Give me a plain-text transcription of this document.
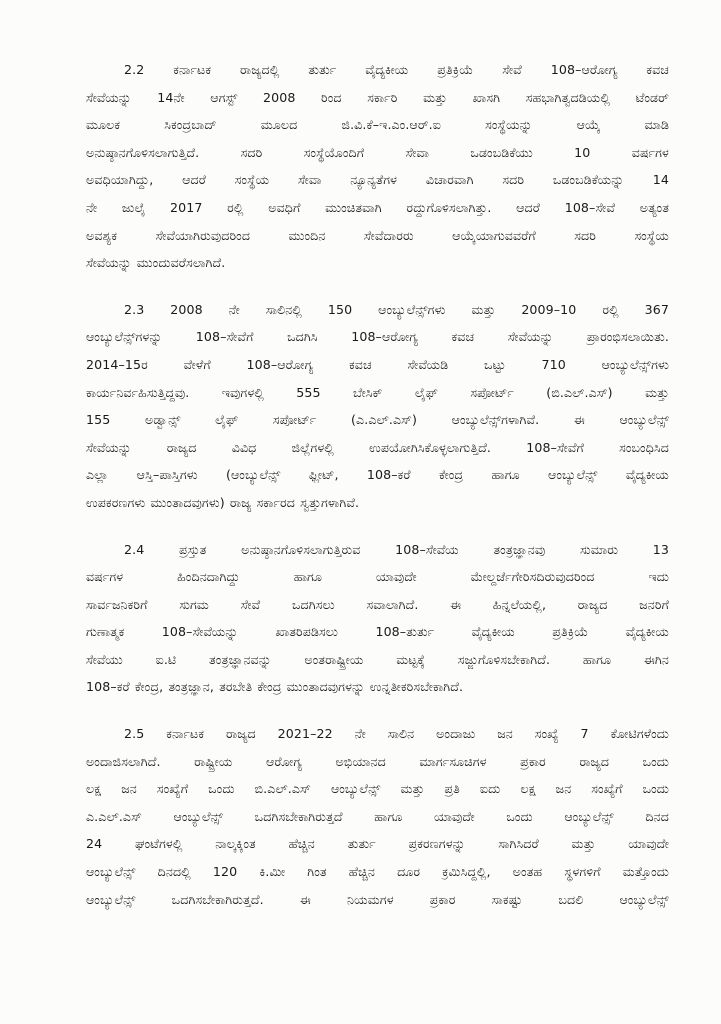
2.2 ಕರ್ನಾಟಕ ರಾಜ್ಯದಲ್ಲಿ ತುರ್ತು ವೈದ್ಯಕೀಯ ಪ್ರತಿಕ್ರಿಯೆ ಸೇವೆ 108–ಆರೋಗ್ಯ ಕವಚ
ಸೇವೆಯನ್ನು 14ನೇ ಆಗಸ್ಟ್ 2008 ರಿಂದ ಸರ್ಕಾರಿ ಮತ್ತು ಖಾಸಗಿ ಸಹಭಾಗಿತ್ವದಡಿಯಲ್ಲಿ ಟೆಂಡರ್
ಮೂಲಕ ಸಿಕಂದ್ರಬಾದ್ ಮೂಲದ ಜಿ.ವಿ.ಕೆ–ಇ.ಎಂ.ಆರ್.ಐ ಸಂಸ್ಥೆಯನ್ನು ಆಯ್ಕೆ ಮಾಡಿ
ಅನುಷ್ಠಾನಗೊಳಿಸಲಾಗುತ್ತಿದೆ. ಸದರಿ ಸಂಸ್ಥೆಯೊಂದಿಗೆ ಸೇವಾ ಒಡಂಬಡಿಕೆಯು 10 ವರ್ಷಗಳ
ಅವಧಿಯಾಗಿದ್ದು, ಆದರೆ ಸಂಸ್ಥೆಯ ಸೇವಾ ನ್ಯೂನ್ಯತೆಗಳ ವಿಚಾರವಾಗಿ ಸದರಿ ಒಡಂಬಡಿಕೆಯನ್ನು 14
ನೇ ಜುಲೈ 2017 ರಲ್ಲಿ ಅವಧಿಗೆ ಮುಂಚಿತವಾಗಿ ರದ್ದುಗೊಳಿಸಲಾಗಿತ್ತು. ಆದರೆ 108–ಸೇವೆ ಅತ್ಯಂತ
ಅವಶ್ಯಕ ಸೇವೆಯಾಗಿರುವುದರಿಂದ ಮುಂದಿನ ಸೇವೆದಾರರು ಆಯ್ಕೆಯಾಗುವವರೆಗೆ ಸದರಿ ಸಂಸ್ಥೆಯ
ಸೇವೆಯನ್ನು ಮುಂದುವರೆಸಲಾಗಿದೆ.
2.3 2008 ನೇ ಸಾಲಿನಲ್ಲಿ 150 ಆಂಬ್ಯುಲೆನ್ಸ್‌ಗಳು ಮತ್ತು 2009–10 ರಲ್ಲಿ 367
ಆಂಬ್ಯುಲೆನ್ಸ್‌ಗಳನ್ನು 108–ಸೇವೆಗೆ ಒದಗಿಸಿ 108–ಆರೋಗ್ಯ ಕವಚ ಸೇವೆಯನ್ನು ಪ್ರಾರಂಭಿಸಲಾಯಿತು.
2014–15ರ ವೇಳೆಗೆ 108–ಆರೋಗ್ಯ ಕವಚ ಸೇವೆಯಡಿ ಒಟ್ಟು 710 ಆಂಬ್ಯುಲೆನ್ಸ್‌ಗಳು
ಕಾರ್ಯನಿರ್ವಹಿಸುತ್ತಿದ್ದವು. ಇವುಗಳಲ್ಲಿ 555 ಬೇಸಿಕ್ ಲೈಫ್ ಸಪೋರ್ಟ್ (ಬಿ.ಎಲ್.ಎಸ್) ಮತ್ತು
155 ಅಡ್ವಾನ್ಸ್ ಲೈಫ್ ಸಪೋರ್ಟ್ (ಎ.ಎಲ್.ಎಸ್) ಆಂಬ್ಯುಲೆನ್ಸ್‌ಗಳಾಗಿವೆ. ಈ ಆಂಬ್ಯುಲೆನ್ಸ್
ಸೇವೆಯನ್ನು ರಾಜ್ಯದ ವಿವಿಧ ಜಿಲ್ಲೆಗಳಲ್ಲಿ ಉಪಯೋಗಿಸಿಕೊಳ್ಳಲಾಗುತ್ತಿದೆ. 108–ಸೇವೆಗೆ ಸಂಬಂಧಿಸಿದ
ಎಲ್ಲಾ ಆಸ್ತಿ–ಪಾಸ್ತಿಗಳು (ಆಂಬ್ಯುಲೆನ್ಸ್ ಫ್ಲೀಟ್, 108–ಕರೆ ಕೇಂದ್ರ ಹಾಗೂ ಆಂಬ್ಯುಲೆನ್ಸ್ ವೈದ್ಯಕೀಯ
ಉಪಕರಣಗಳು ಮುಂತಾದವುಗಳು) ರಾಜ್ಯ ಸರ್ಕಾರದ ಸ್ವತ್ತುಗಳಾಗಿವೆ.
2.4 ಪ್ರಸ್ತುತ ಅನುಷ್ಠಾನಗೊಳಿಸಲಾಗುತ್ತಿರುವ 108–ಸೇವೆಯ ತಂತ್ರಜ್ಞಾನವು ಸುಮಾರು 13
ವರ್ಷಗಳ ಹಿಂದಿನದಾಗಿದ್ದು ಹಾಗೂ ಯಾವುದೇ ಮೇಲ್ದರ್ಜೆಗೇರಿಸದಿರುವುದರಿಂದ ಇದು
ಸಾರ್ವಜನಿಕರಿಗೆ ಸುಗಮ ಸೇವೆ ಒದಗಿಸಲು ಸವಾಲಾಗಿದೆ. ಈ ಹಿನ್ನಲೆಯಲ್ಲಿ, ರಾಜ್ಯದ ಜನರಿಗೆ
ಗುಣಾತ್ಮಕ 108–ಸೇವೆಯನ್ನು ಖಾತರಿಪಡಿಸಲು 108–ತುರ್ತು ವೈದ್ಯಕೀಯ ಪ್ರತಿಕ್ರಿಯೆ ವೈದ್ಯಕೀಯ
ಸೇವೆಯು ಐ.ಟಿ ತಂತ್ರಜ್ಞಾನವನ್ನು ಅಂತರಾಷ್ಟ್ರೀಯ ಮಟ್ಟಕ್ಕೆ ಸಜ್ಜುಗೊಳಿಸಬೇಕಾಗಿದೆ. ಹಾಗೂ ಈಗಿನ
108–ಕರೆ ಕೇಂದ್ರ, ತಂತ್ರಜ್ಞಾನ, ತರಬೇತಿ ಕೇಂದ್ರ ಮುಂತಾದವುಗಳನ್ನು ಉನ್ನತೀಕರಿಸಬೇಕಾಗಿದೆ.
2.5 ಕರ್ನಾಟಕ ರಾಜ್ಯದ 2021–22 ನೇ ಸಾಲಿನ ಅಂದಾಜು ಜನ ಸಂಖ್ಯೆ 7 ಕೋಟಿಗಳೆಂದು
ಅಂದಾಜಿಸಲಾಗಿದೆ. ರಾಷ್ಟ್ರೀಯ ಆರೋಗ್ಯ ಅಭಿಯಾನದ ಮಾರ್ಗಸೂಚಿಗಳ ಪ್ರಕಾರ ರಾಜ್ಯದ ಒಂದು
ಲಕ್ಷ ಜನ ಸಂಖ್ಯೆಗೆ ಒಂದು ಬಿ.ಎಲ್.ಎಸ್ ಆಂಬ್ಯುಲೆನ್ಸ್ ಮತ್ತು ಪ್ರತಿ ಐದು ಲಕ್ಷ ಜನ ಸಂಖ್ಯೆಗೆ ಒಂದು
ಎ.ಎಲ್.ಎಸ್ ಆಂಬ್ಯುಲೆನ್ಸ್ ಒದಗಿಸಬೇಕಾಗಿರುತ್ತದೆ ಹಾಗೂ ಯಾವುದೇ ಒಂದು ಆಂಬ್ಯುಲೆನ್ಸ್ ದಿನದ
24 ಘಂಟೆಗಳಲ್ಲಿ ನಾಲ್ಕಕ್ಕಿಂತ ಹೆಚ್ಚಿನ ತುರ್ತು ಪ್ರಕರಣಗಳನ್ನು ಸಾಗಿಸಿದರೆ ಮತ್ತು ಯಾವುದೇ
ಆಂಬ್ಯುಲೆನ್ಸ್ ದಿನದಲ್ಲಿ 120 ಕಿ.ಮೀ ಗಿಂತ ಹೆಚ್ಚಿನ ದೂರ ಕ್ರಮಿಸಿದ್ದಲ್ಲಿ, ಅಂತಹ ಸ್ಥಳಗಳಿಗೆ ಮತ್ತೊಂದು
ಆಂಬ್ಯುಲೆನ್ಸ್ ಒದಗಿಸಬೇಕಾಗಿರುತ್ತದೆ. ಈ ನಿಯಮಗಳ ಪ್ರಕಾರ ಸಾಕಷ್ಟು ಬದಲಿ ಆಂಬ್ಯುಲೆನ್ಸ್
